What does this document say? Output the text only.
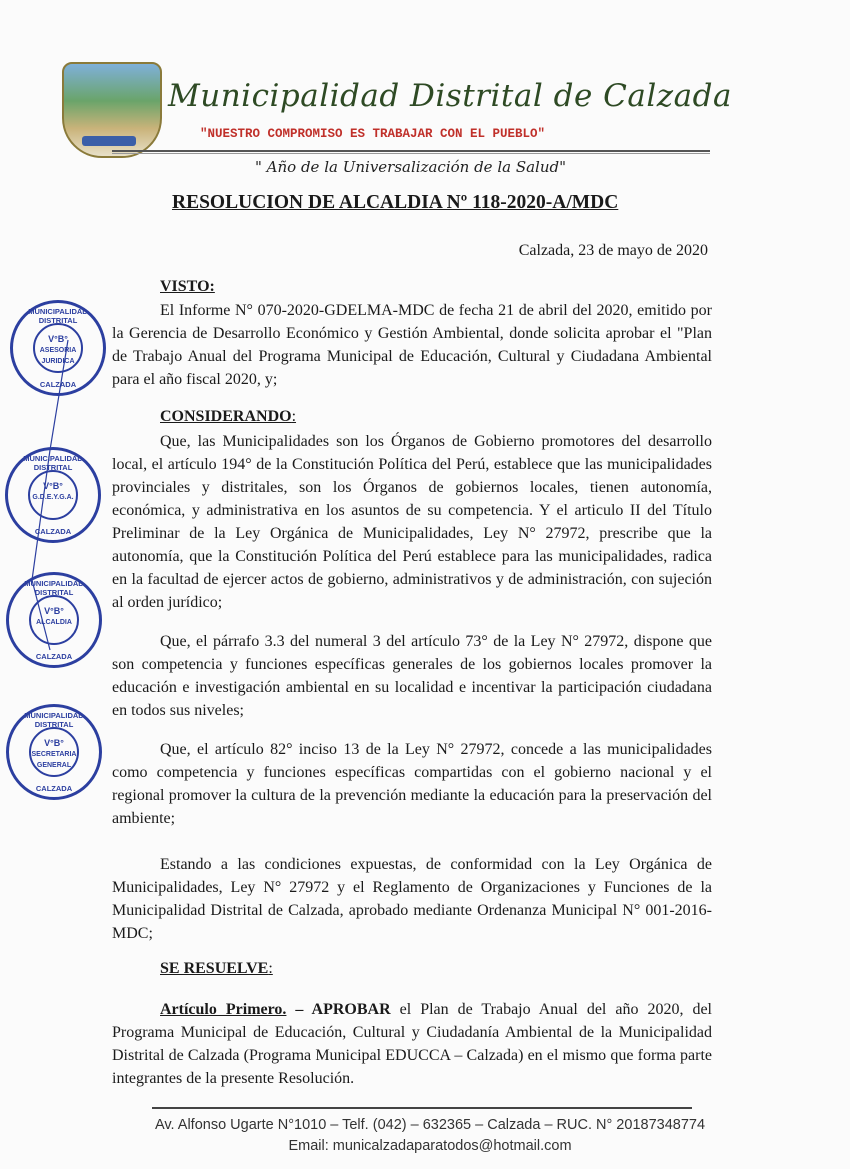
Municipalidad Distrital de Calzada
"NUESTRO COMPROMISO ES TRABAJAR CON EL PUEBLO"
" Año de la Universalización de la Salud"
RESOLUCION DE ALCALDIA Nº 118-2020-A/MDC
Calzada, 23 de mayo de 2020
VISTO:
El Informe N° 070-2020-GDELMA-MDC de fecha 21 de abril del 2020, emitido por la Gerencia de Desarrollo Económico y Gestión Ambiental, donde solicita aprobar el "Plan de Trabajo Anual del Programa Municipal de Educación, Cultural y Ciudadana Ambiental para el año fiscal 2020, y;
CONSIDERANDO:
Que, las Municipalidades son los Órganos de Gobierno promotores del desarrollo local, el artículo 194° de la Constitución Política del Perú, establece que las municipalidades provinciales y distritales, son los Órganos de gobiernos locales, tienen autonomía, económica, y administrativa en los asuntos de su competencia. Y el articulo II del Título Preliminar de la Ley Orgánica de Municipalidades, Ley N° 27972, prescribe que la autonomía, que la Constitución Política del Perú establece para las municipalidades, radica en la facultad de ejercer actos de gobierno, administrativos y de administración, con sujeción al orden jurídico;
Que, el párrafo 3.3 del numeral 3 del artículo 73° de la Ley N° 27972, dispone que son competencia y funciones específicas generales de los gobiernos locales promover la educación e investigación ambiental en su localidad e incentivar la participación ciudadana en todos sus niveles;
Que, el artículo 82° inciso 13 de la Ley N° 27972, concede a las municipalidades como competencia y funciones específicas compartidas con el gobierno nacional y el regional promover la cultura de la prevención mediante la educación para la preservación del ambiente;
Estando a las condiciones expuestas, de conformidad con la Ley Orgánica de Municipalidades, Ley N° 27972 y el Reglamento de Organizaciones y Funciones de la Municipalidad Distrital de Calzada, aprobado mediante Ordenanza Municipal N° 001-2016-MDC;
SE RESUELVE:
Artículo Primero. – APROBAR el Plan de Trabajo Anual del año 2020, del Programa Municipal de Educación, Cultural y Ciudadanía Ambiental de la Municipalidad Distrital de Calzada (Programa Municipal EDUCCA – Calzada) en el mismo que forma parte integrantes de la presente Resolución.
MUNICIPALIDAD DISTRITAL
V°B°
ASESORIA JURIDICA
CALZADA
MUNICIPALIDAD DISTRITAL
V°B°
G.D.E.Y.G.A.
CALZADA
MUNICIPALIDAD DISTRITAL
V°B°
ALCALDIA
CALZADA
MUNICIPALIDAD DISTRITAL
V°B°
SECRETARIA GENERAL
CALZADA
Av. Alfonso Ugarte N°1010 – Telf. (042) – 632365 – Calzada – RUC. N° 20187348774
Email: municalzadaparatodos@hotmail.com
